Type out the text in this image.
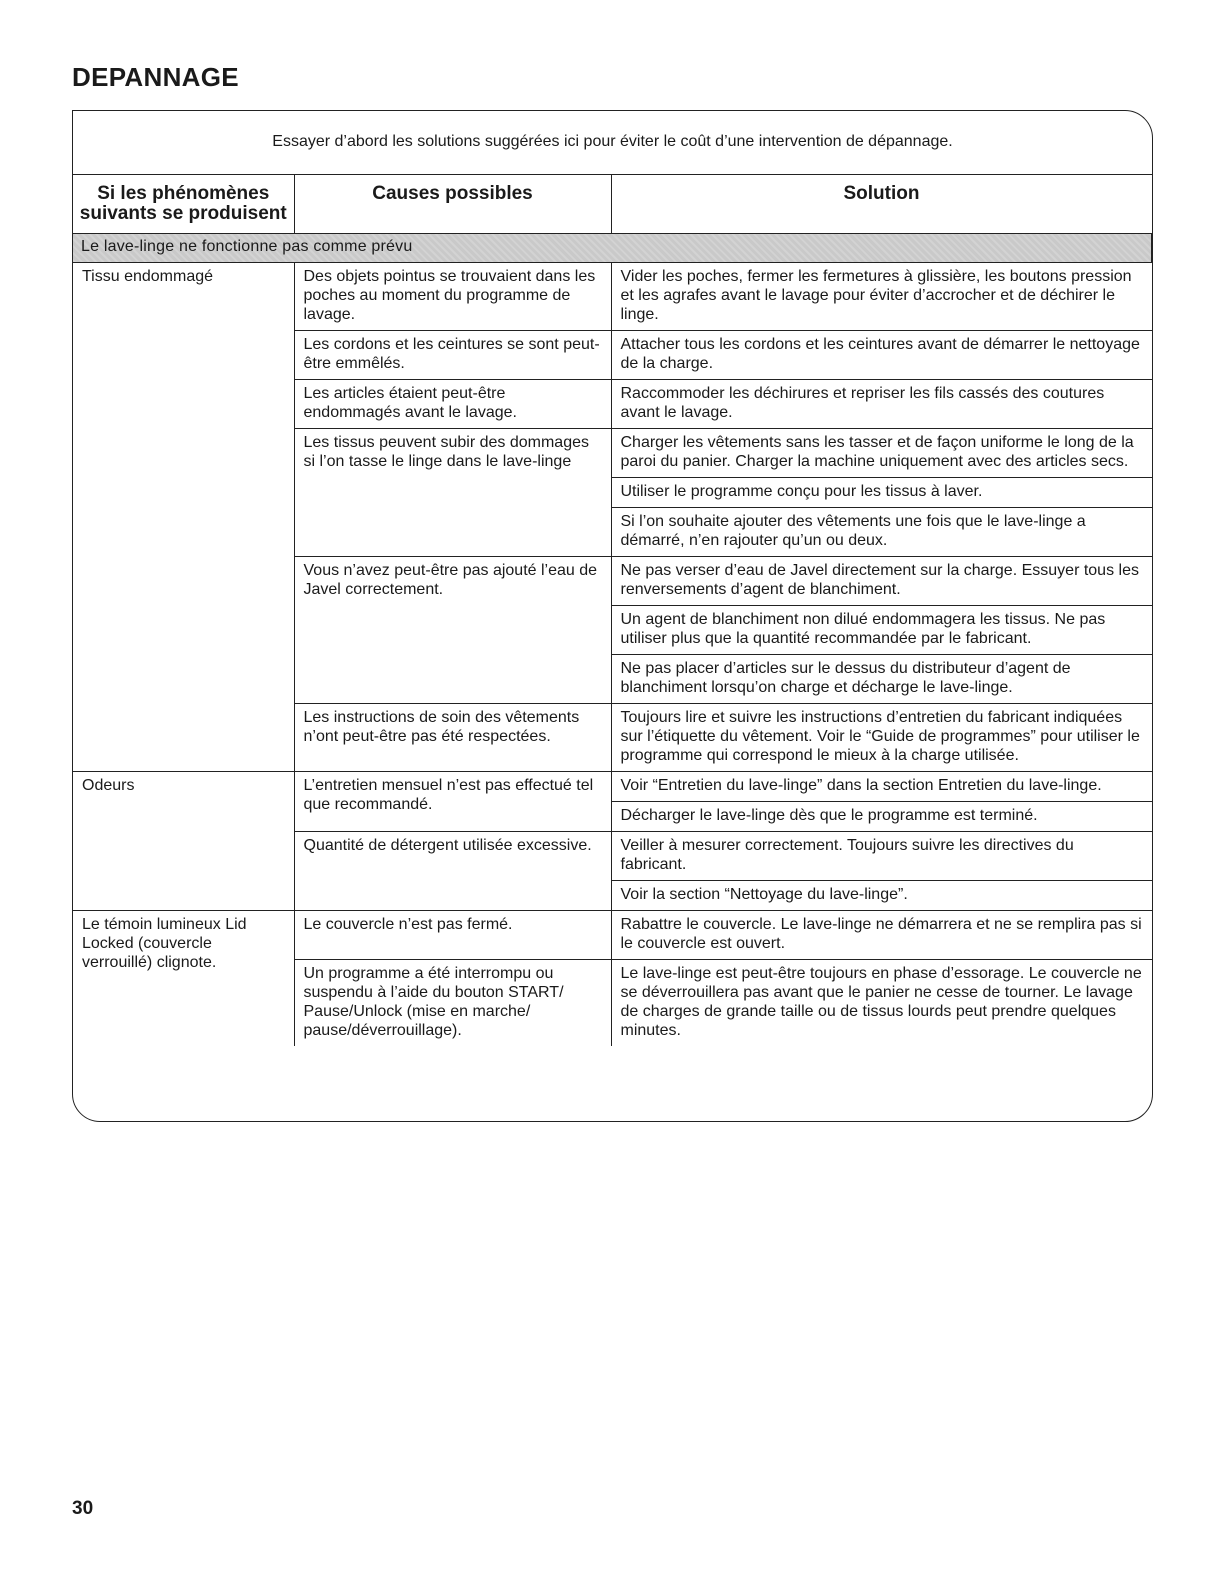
DEPANNAGE
Essayer d’abord les solutions suggérées ici pour éviter le coût d’une intervention de dépannage.
Si les phénomènes
suivants se produisent	Causes possibles	Solution
Le lave-linge ne fonctionne pas comme prévu		
Tissu endommagé	Des objets pointus se trouvaient dans les poches au moment du programme de lavage.	Vider les poches, fermer les fermetures à glissière, les boutons pression et les agrafes avant le lavage pour éviter d’accrocher et de déchirer le linge.
	Les cordons et les ceintures se sont peut-être emmêlés.	Attacher tous les cordons et les ceintures avant de démarrer le nettoyage de la charge.
	Les articles étaient peut-être endommagés avant le lavage.	Raccommoder les déchirures et repriser les fils cassés des coutures avant le lavage.
	Les tissus peuvent subir des dommages si l’on tasse le linge dans le lave-linge	Charger les vêtements sans les tasser et de façon uniforme le long de la paroi du panier. Charger la machine uniquement avec des articles secs.
		Utiliser le programme conçu pour les tissus à laver.
		Si l’on souhaite ajouter des vêtements une fois que le lave-linge a démarré, n’en rajouter qu’un ou deux.
	Vous n’avez peut-être pas ajouté l’eau de Javel correctement.	Ne pas verser d’eau de Javel directement sur la charge. Essuyer tous les renversements d’agent de blanchiment.
		Un agent de blanchiment non dilué endommagera les tissus. Ne pas utiliser plus que la quantité recommandée par le fabricant.
		Ne pas placer d’articles sur le dessus du distributeur d’agent de blanchiment lorsqu’on charge et décharge le lave-linge.
	Les instructions de soin des vêtements n’ont peut-être pas été respectées.	Toujours lire et suivre les instructions d’entretien du fabricant indiquées sur l’étiquette du vêtement. Voir le “Guide de programmes” pour utiliser le programme qui correspond le mieux à la charge utilisée.
Odeurs	L’entretien mensuel n’est pas effectué tel que recommandé.	Voir “Entretien du lave-linge” dans la section Entretien du lave-linge.
		Décharger le lave-linge dès que le programme est terminé.
	Quantité de détergent utilisée excessive.	Veiller à mesurer correctement. Toujours suivre les directives du fabricant.
		Voir la section “Nettoyage du lave-linge”.
Le témoin lumineux Lid Locked (couvercle verrouillé) clignote.	Le couvercle n’est pas fermé.	Rabattre le couvercle. Le lave-linge ne démarrera et ne se remplira pas si le couvercle est ouvert.
	Un programme a été interrompu ou suspendu à l’aide du bouton START/ Pause/Unlock (mise en marche/ pause/déverrouillage).	Le lave-linge est peut-être toujours en phase d’essorage. Le couvercle ne se déverrouillera pas avant que le panier ne cesse de tourner. Le lavage de charges de grande taille ou de tissus lourds peut prendre quelques minutes.
30
